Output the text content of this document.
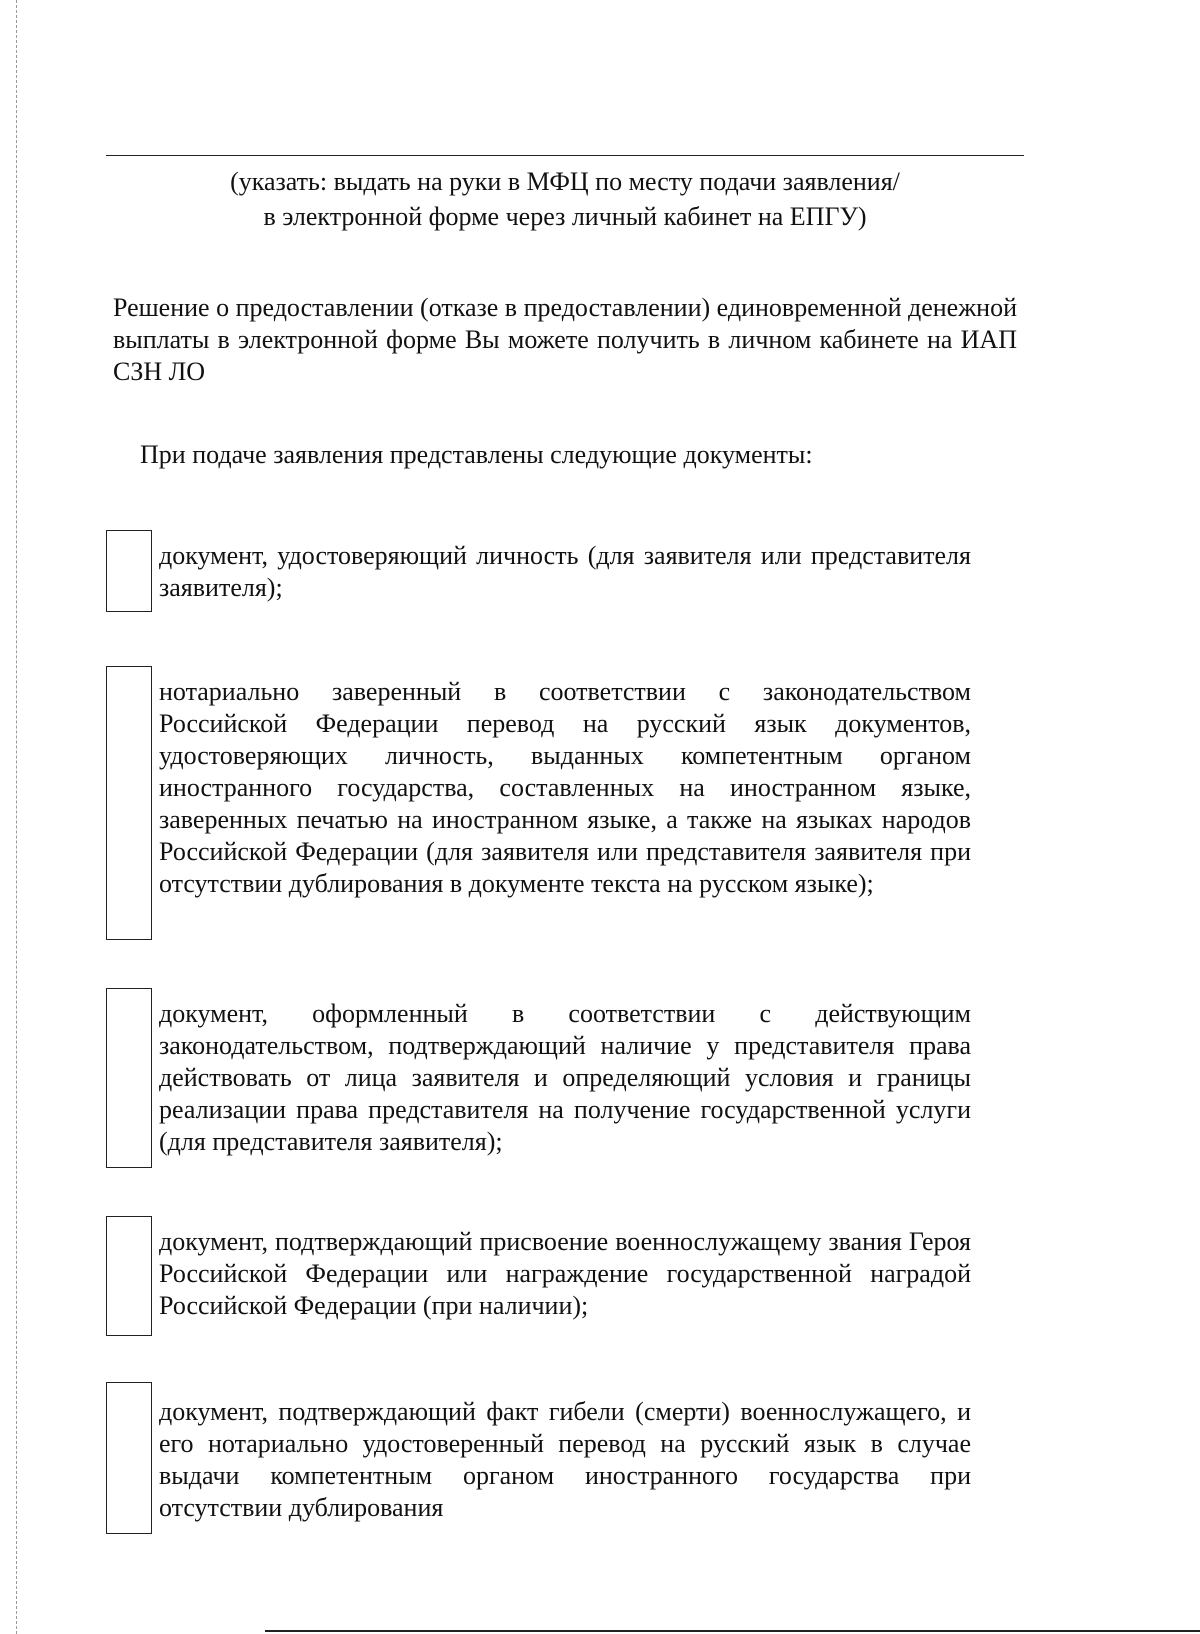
(указать: выдать на руки в МФЦ по месту подачи заявления/
в электронной форме через личный кабинет на ЕПГУ)
Решение о предоставлении (отказе в предоставлении) единовременной денежной выплаты в электронной форме Вы можете получить в личном кабинете на ИАП СЗН ЛО
При подаче заявления представлены следующие документы:
документ, удостоверяющий личность (для заявителя или представителя заявителя);
нотариально заверенный в соответствии с законодательством Российской Федерации перевод на русский язык документов, удостоверяющих личность, выданных компетентным органом иностранного государства, составленных на иностранном языке, заверенных печатью на иностранном языке, а также на языках народов Российской Федерации (для заявителя или представителя заявителя при отсутствии дублирования в документе текста на русском языке);
документ, оформленный в соответствии с действующим законодательством, подтверждающий наличие у представителя права действовать от лица заявителя и определяющий условия и границы реализации права представителя на получение государственной услуги (для представителя заявителя);
документ, подтверждающий присвоение военнослужащему звания Героя Российской Федерации или награждение государственной наградой Российской Федерации (при наличии);
документ, подтверждающий факт гибели (смерти) военнослужащего, и его нотариально удостоверенный перевод на русский язык в случае выдачи компетентным органом иностранного государства при отсутствии дублирования
